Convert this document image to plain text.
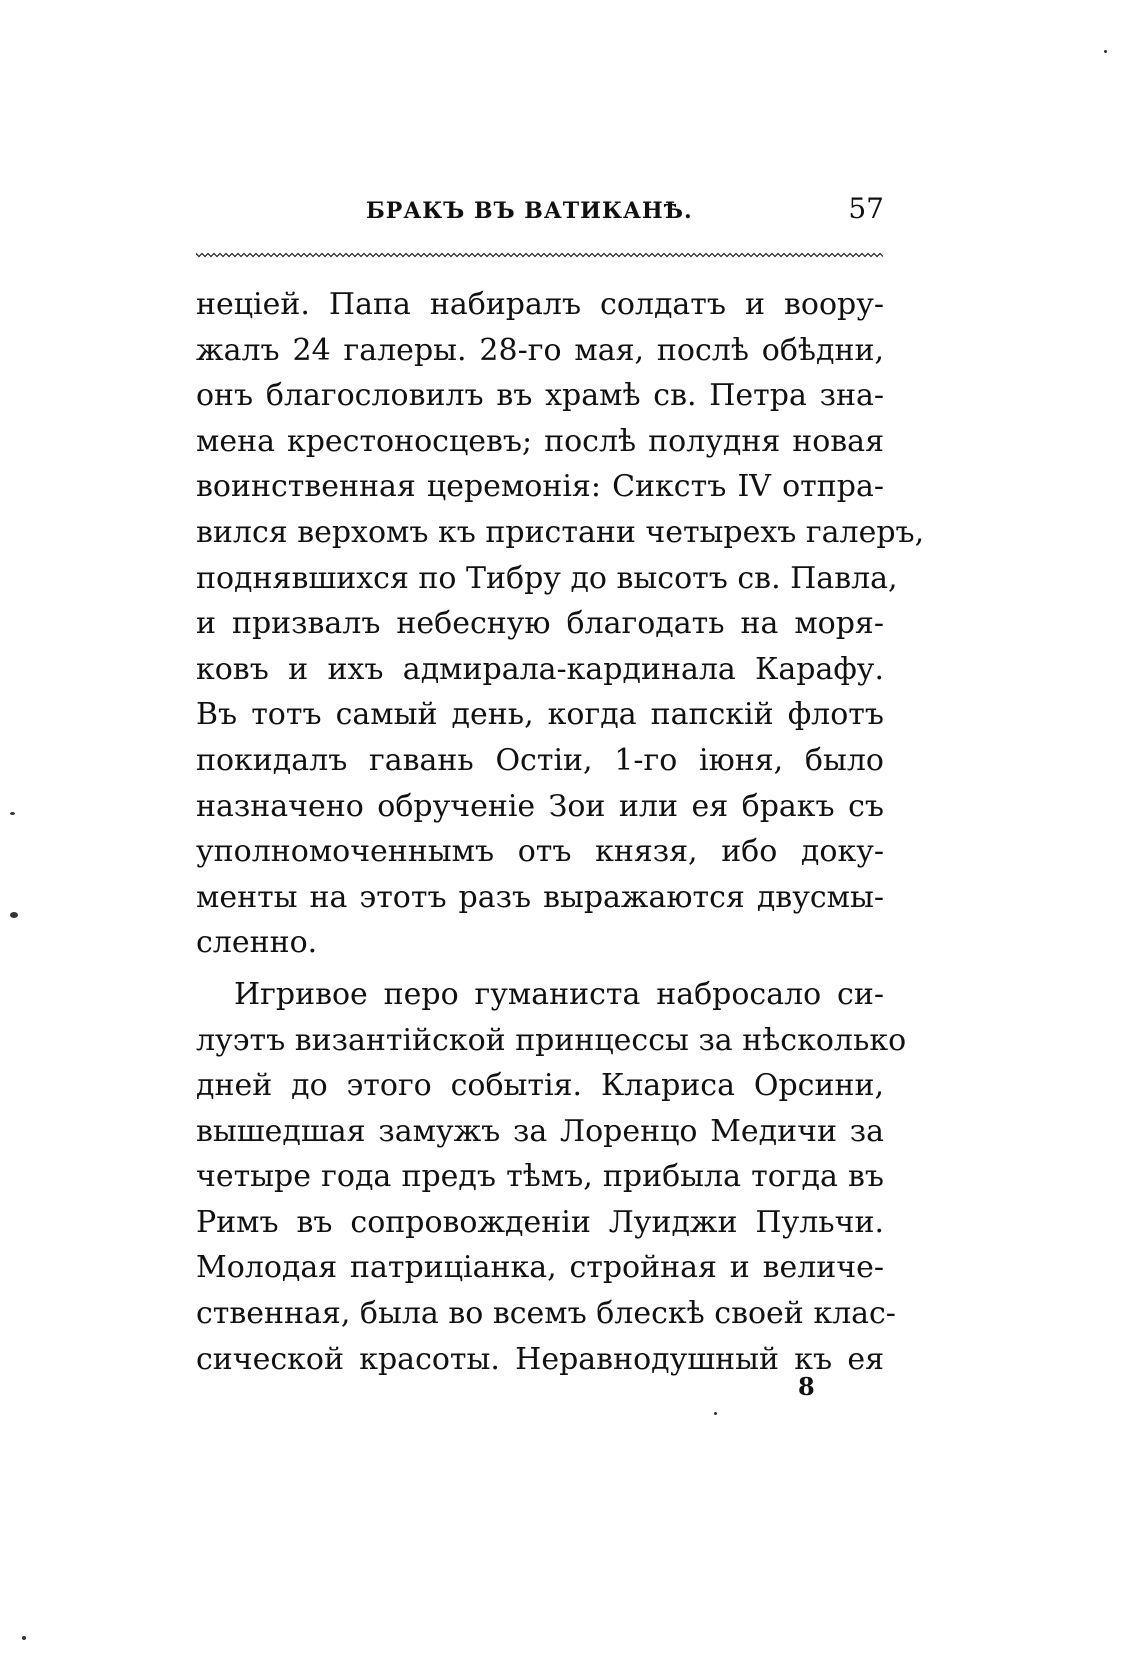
БРАКЪ ВЪ ВАТИКАНѢ.	57
нецiей. Папа набиралъ солдатъ и воору-
жалъ 24 галеры. 28-го мая, послѣ обѣдни,
онъ благословилъ въ храмѣ св. Петра зна-
мена крестоносцевъ; послѣ полудня новая
воинственная церемонiя: Сикстъ IV отпра-
вился верхомъ къ пристани четырехъ галеръ,
поднявшихся по Тибру до высотъ св. Павла,
и призвалъ небесную благодать на моря-
ковъ и ихъ адмирала-кардинала Карафу.
Въ тотъ самый день, когда папскiй флотъ
покидалъ гавань Остiи, 1-го iюня, было
назначено обрученiе Зои или ея бракъ съ
уполномоченнымъ отъ князя, ибо доку-
менты на этотъ разъ выражаются двусмы-
сленно.
Игривое перо гуманиста набросало си-
луэтъ византiйской принцессы за нѣсколько
дней до этого событiя. Клариса Орсини,
вышедшая замужъ за Лоренцо Медичи за
четыре года предъ тѣмъ, прибыла тогда въ
Римъ въ сопровожденiи Луиджи Пульчи.
Молодая патрицiанка, стройная и величе-
ственная, была во всемъ блескѣ своей клас-
сической красоты. Неравнодушный къ ея
8
